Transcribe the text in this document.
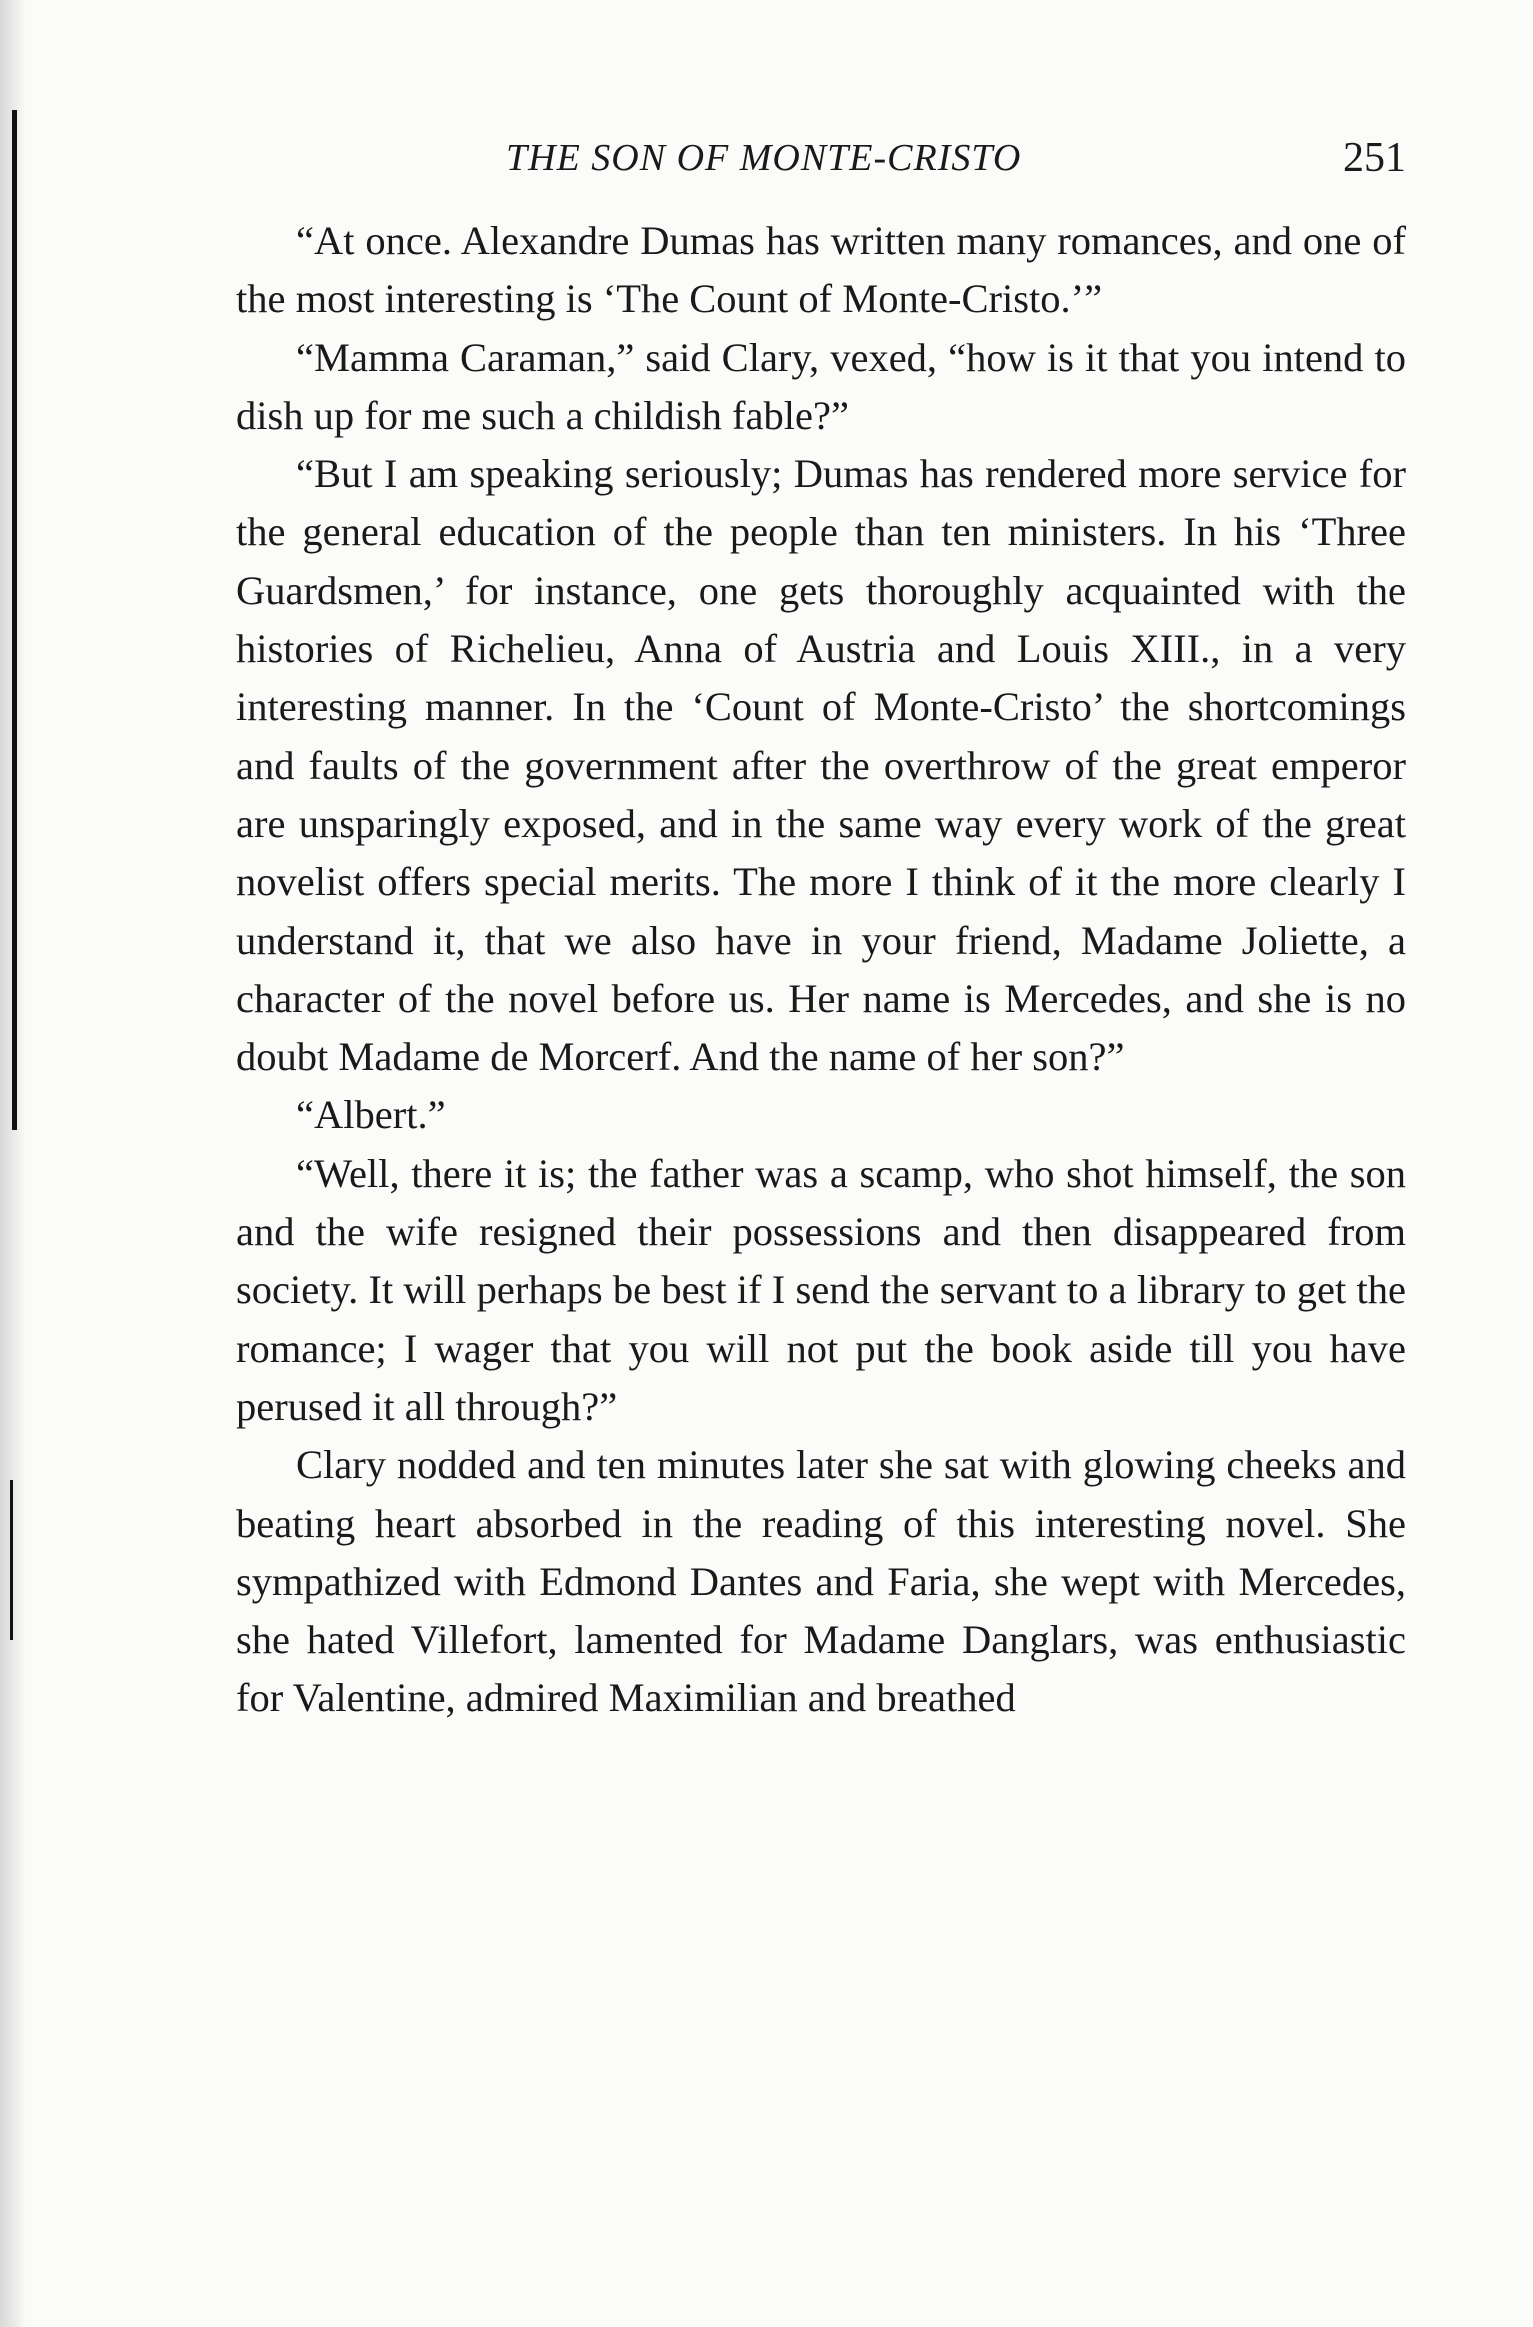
THE SON OF MONTE-CRISTO	251

“At once. Alexandre Dumas has written many romances, and one of the most interesting is ‘The Count of Monte-Cristo.’”

“Mamma Caraman,” said Clary, vexed, “how is it that you intend to dish up for me such a childish fable?”

“But I am speaking seriously; Dumas has rendered more service for the general education of the people than ten ministers. In his ‘Three Guardsmen,’ for instance, one gets thoroughly acquainted with the histories of Richelieu, Anna of Austria and Louis XIII., in a very interesting manner. In the ‘Count of Monte-Cristo’ the shortcomings and faults of the government after the overthrow of the great emperor are unsparingly exposed, and in the same way every work of the great novelist offers special merits. The more I think of it the more clearly I understand it, that we also have in your friend, Madame Joliette, a character of the novel before us. Her name is Mercedes, and she is no doubt Madame de Morcerf. And the name of her son?”

“Albert.”

“Well, there it is; the father was a scamp, who shot himself, the son and the wife resigned their possessions and then disappeared from society. It will perhaps be best if I send the servant to a library to get the romance; I wager that you will not put the book aside till you have perused it all through?”

Clary nodded and ten minutes later she sat with glowing cheeks and beating heart absorbed in the reading of this interesting novel. She sympathized with Edmond Dantes and Faria, she wept with Mercedes, she hated Villefort, lamented for Madame Danglars, was enthusiastic for Valentine, admired Maximilian and breathed
